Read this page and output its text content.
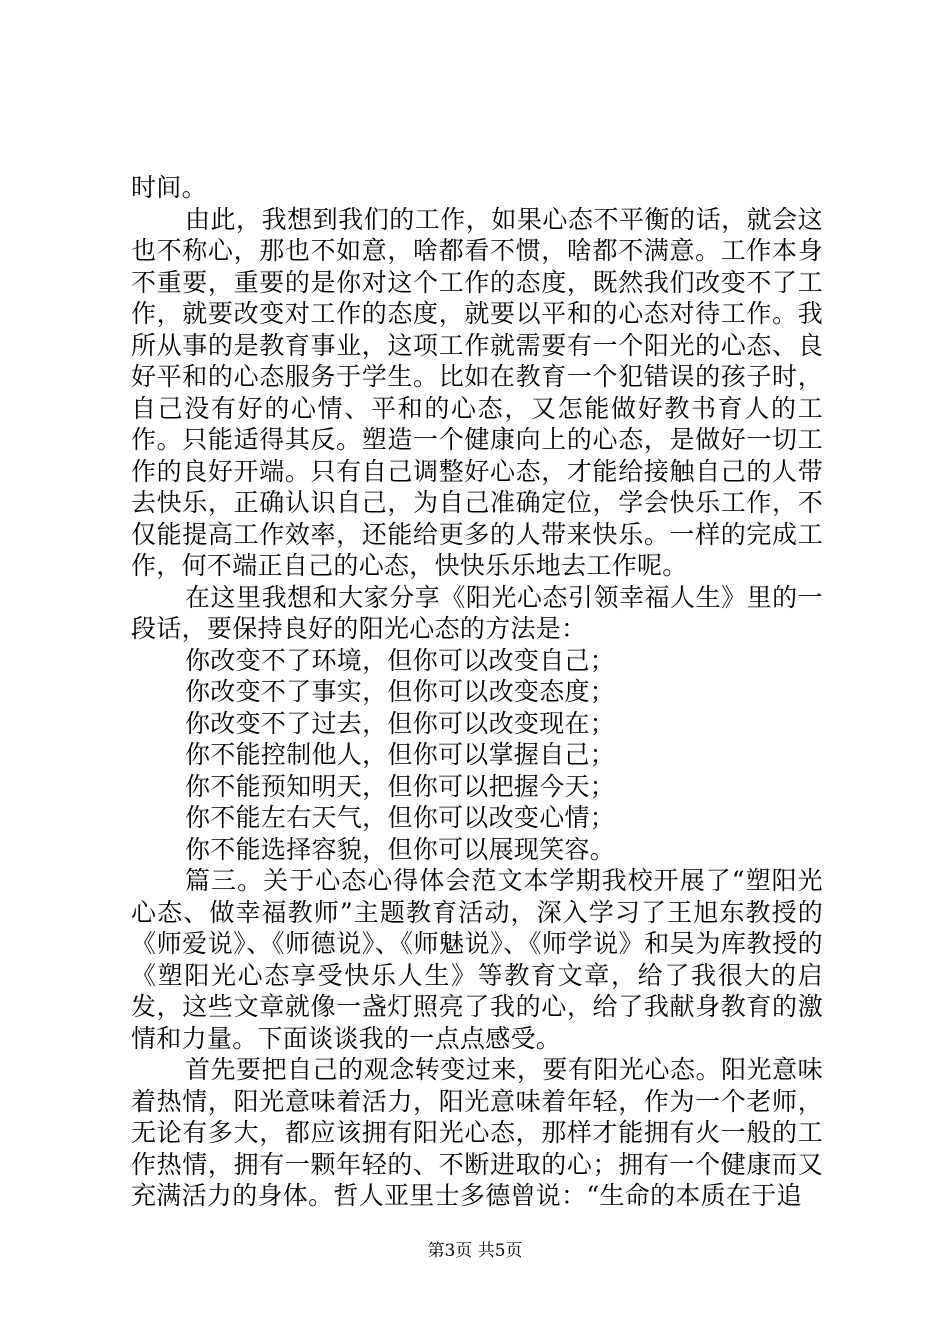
时间。

由此，我想到我们的工作，如果心态不平衡的话，就会这也不称心，那也不如意，啥都看不惯，啥都不满意。工作本身不重要，重要的是你对这个工作的态度，既然我们改变不了工作，就要改变对工作的态度，就要以平和的心态对待工作。我所从事的是教育事业，这项工作就需要有一个阳光的心态、良好平和的心态服务于学生。比如在教育一个犯错误的孩子时，自己没有好的心情、平和的心态，又怎能做好教书育人的工作。只能适得其反。塑造一个健康向上的心态，是做好一切工作的良好开端。只有自己调整好心态，才能给接触自己的人带去快乐，正确认识自己，为自己准确定位，学会快乐工作，不仅能提高工作效率，还能给更多的人带来快乐。一样的完成工作，何不端正自己的心态，快快乐乐地去工作呢。

在这里我想和大家分享《阳光心态引领幸福人生》里的一段话，要保持良好的阳光心态的方法是：

你改变不了环境，但你可以改变自己；

你改变不了事实，但你可以改变态度；

你改变不了过去，但你可以改变现在；

你不能控制他人，但你可以掌握自己；

你不能预知明天，但你可以把握今天；

你不能左右天气，但你可以改变心情；

你不能选择容貌，但你可以展现笑容。

篇三。关于心态心得体会范文本学期我校开展了“塑阳光心态、做幸福教师”主题教育活动，深入学习了王旭东教授的《师爱说》、《师德说》、《师魅说》、《师学说》和吴为库教授的《塑阳光心态享受快乐人生》等教育文章，给了我很大的启发，这些文章就像一盏灯照亮了我的心，给了我献身教育的激情和力量。下面谈谈我的一点点感受。

首先要把自己的观念转变过来，要有阳光心态。阳光意味着热情，阳光意味着活力，阳光意味着年轻，作为一个老师，无论有多大，都应该拥有阳光心态，那样才能拥有火一般的工作热情，拥有一颗年轻的、不断进取的心；拥有一个健康而又充满活力的身体。哲人亚里士多德曾说：“生命的本质在于追

第3页 共5页
